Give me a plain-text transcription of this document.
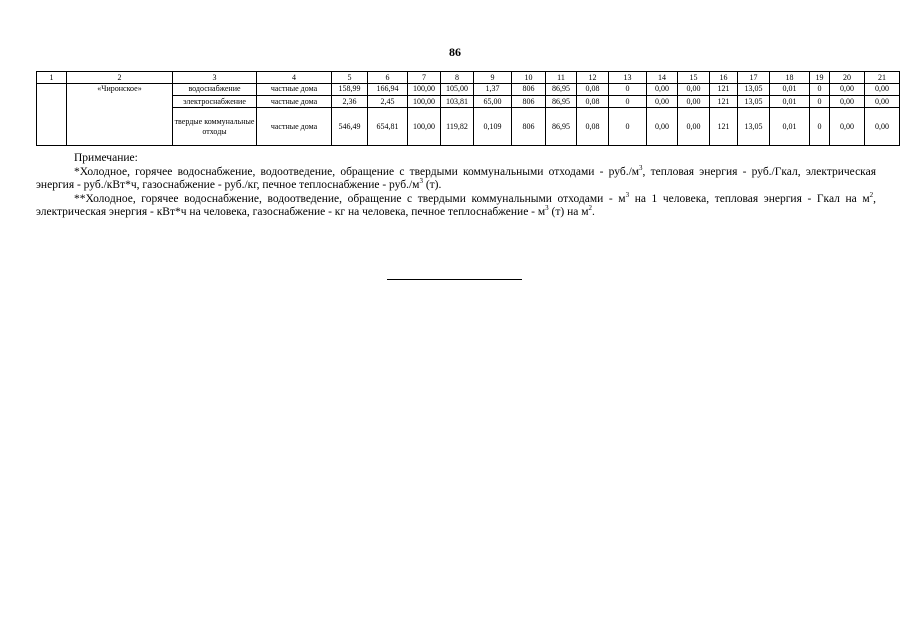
86
1	2	3	4	5	6	7	8	9	10	11	12	13	14	15	16	17	18	19	20	21
	«Чиронское»	водоснабжение	частные дома	158,99	166,94	100,00	105,00	1,37	806	86,95	0,08	0	0,00	0,00	121	13,05	0,01	0	0,00	0,00
		электроснабжение	частные дома	2,36	2,45	100,00	103,81	65,00	806	86,95	0,08	0	0,00	0,00	121	13,05	0,01	0	0,00	0,00
		твердые коммунальные отходы	частные дома	546,49	654,81	100,00	119,82	0,109	806	86,95	0,08	0	0,00	0,00	121	13,05	0,01	0	0,00	0,00

Примечание:

*Холодное, горячее водоснабжение, водоотведение, обращение с твердыми коммунальными отходами - $руб./м^3$, тепловая энергия - руб./Гкал, электрическая энергия - руб./кВт*ч, газоснабжение - руб./кг, печное теплоснабжение - $руб./м^3$ (т).

**Холодное, горячее водоснабжение, водоотведение, обращение с твердыми коммунальными отходами - $м^3$ на 1 человека, тепловая энергия - Гкал на $м^2$, электрическая энергия - кВт*ч на человека, газоснабжение - кг на человека, печное теплоснабжение - $м^3$ (т) на $м^2$.
